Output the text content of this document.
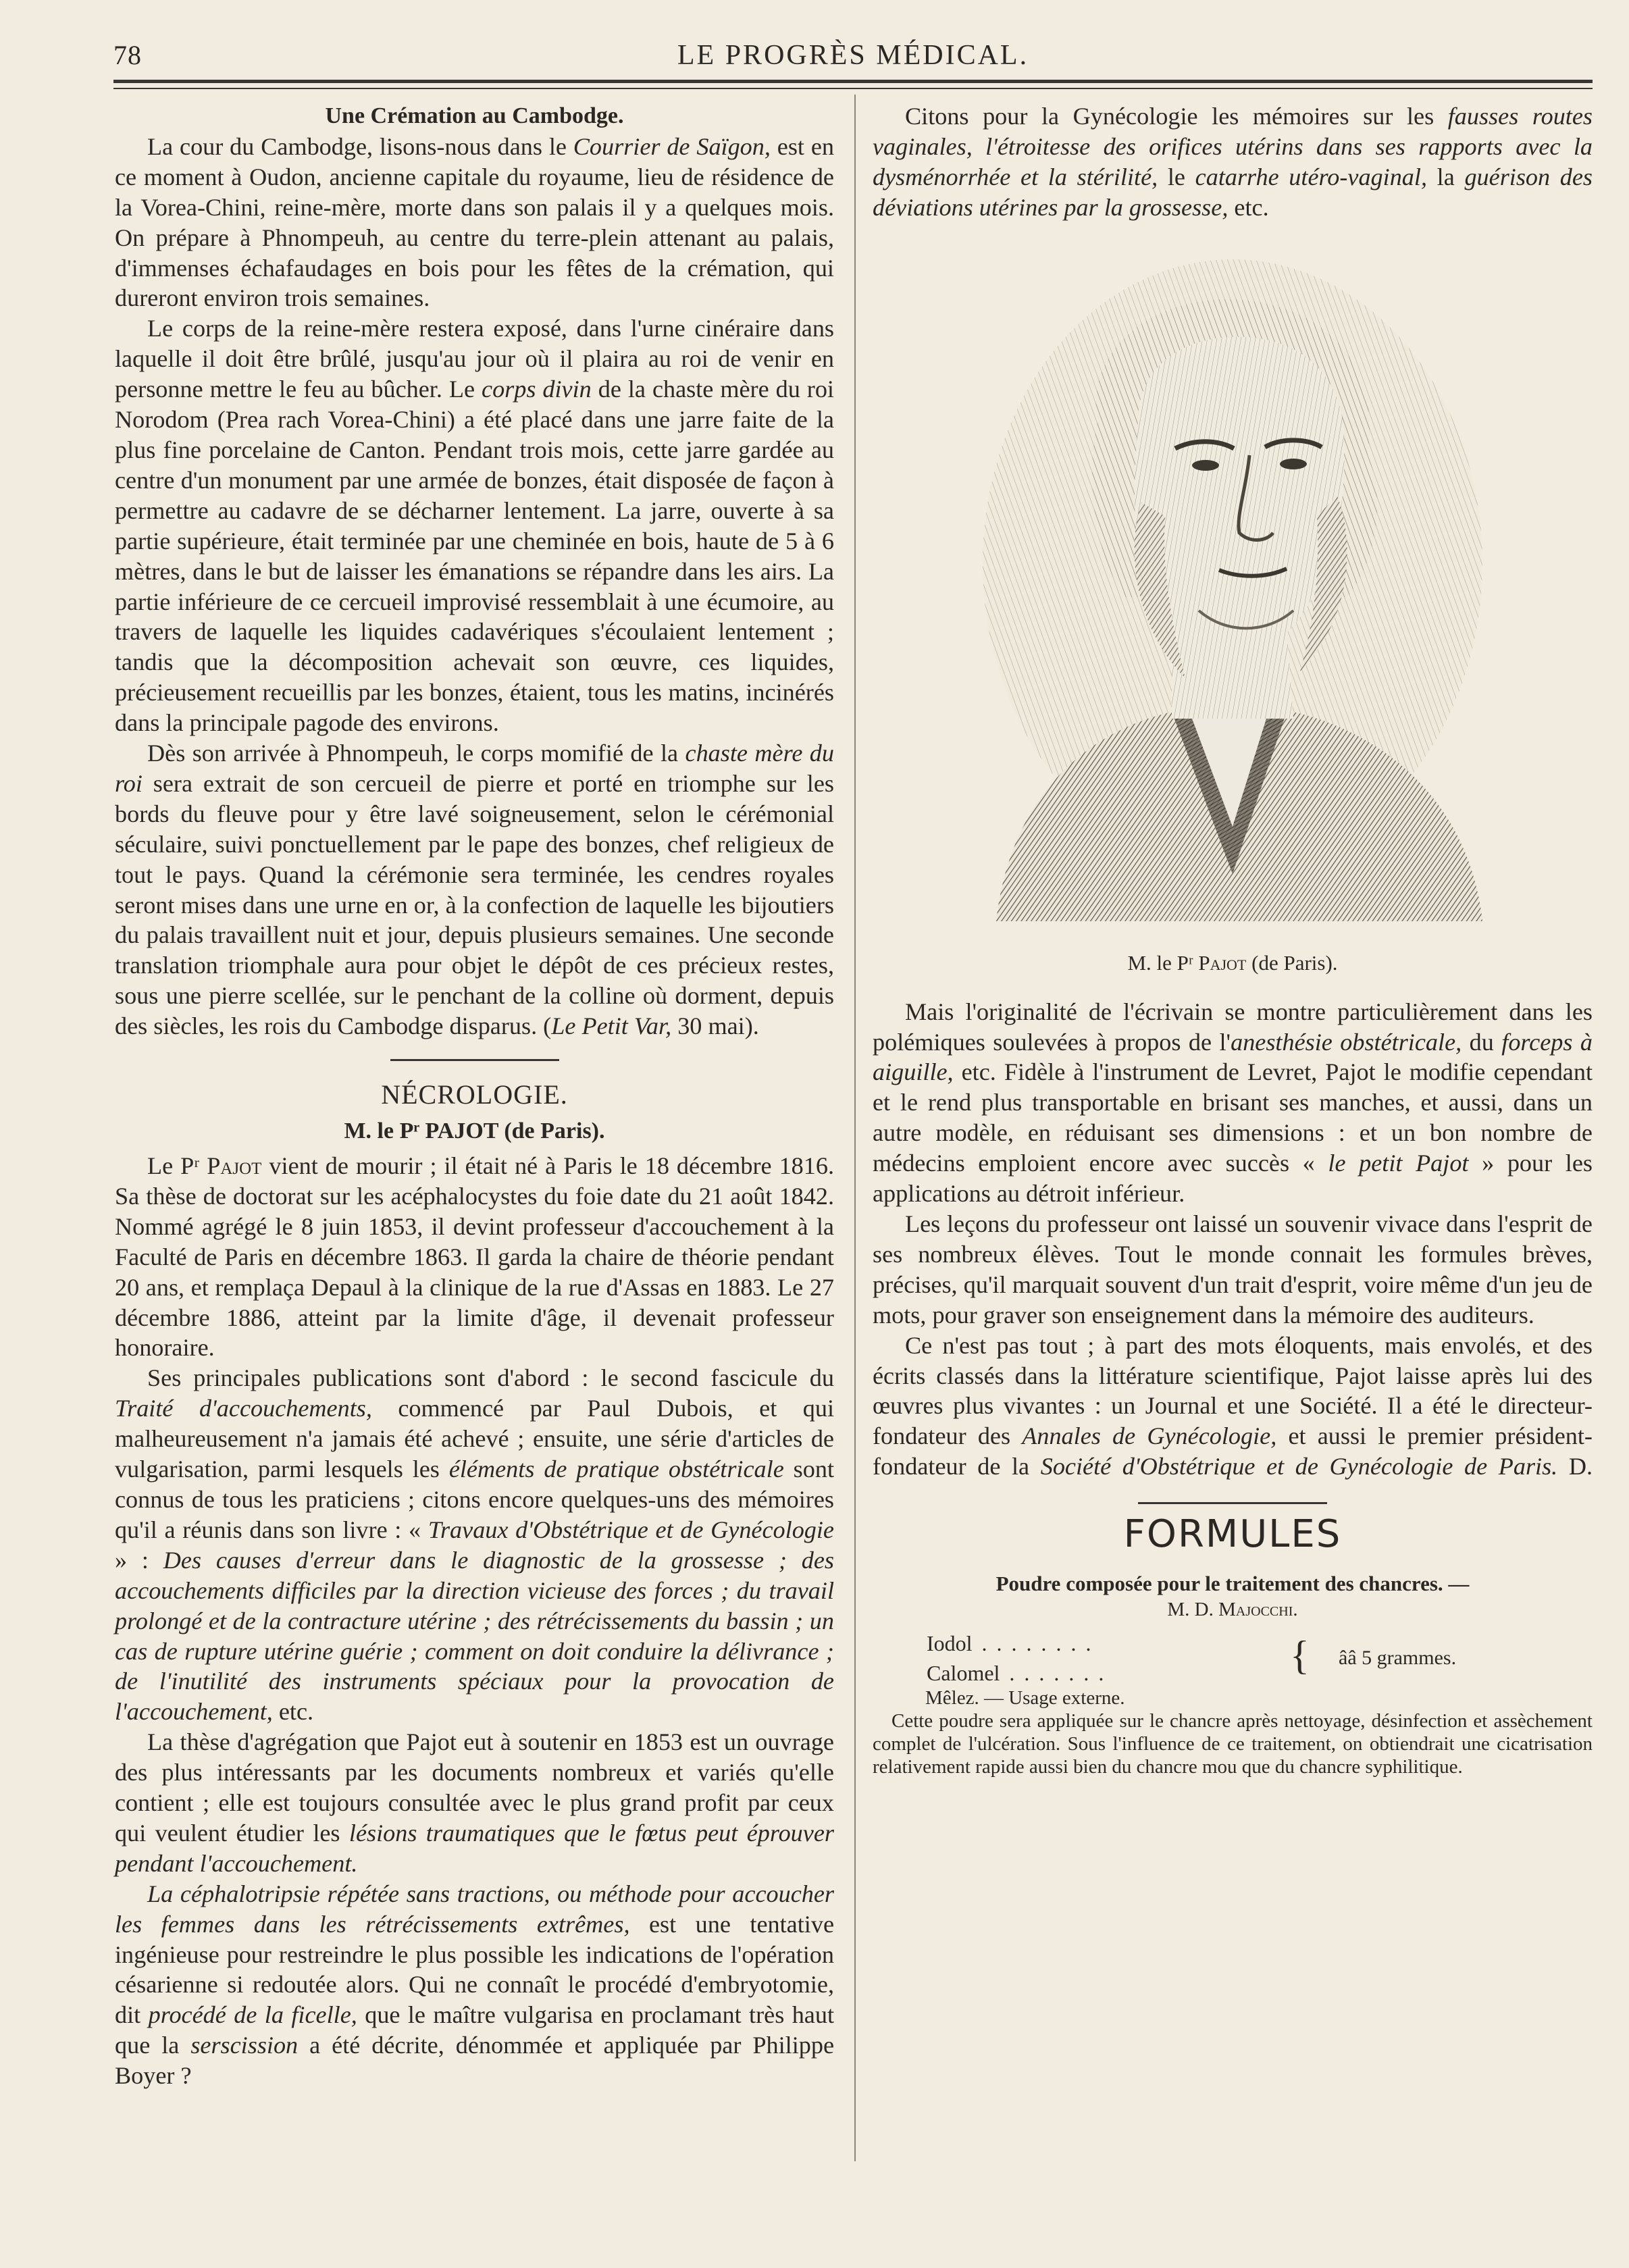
78	LE PROGRÈS MÉDICAL.
Une Crémation au Cambodge.

La cour du Cambodge, lisons-nous dans le Courrier de Saïgon, est en ce moment à Oudon, ancienne capitale du royaume, lieu de résidence de la Vorea-Chini, reine-mère, morte dans son palais il y a quelques mois. On prépare à Phnompeuh, au centre du terre-plein attenant au palais, d'immenses échafaudages en bois pour les fêtes de la crémation, qui dureront environ trois semaines.

Le corps de la reine-mère restera exposé, dans l'urne cinéraire dans laquelle il doit être brûlé, jusqu'au jour où il plaira au roi de venir en personne mettre le feu au bûcher. Le corps divin de la chaste mère du roi Norodom (Prea rach Vorea-Chini) a été placé dans une jarre faite de la plus fine porcelaine de Canton. Pendant trois mois, cette jarre gardée au centre d'un monument par une armée de bonzes, était disposée de façon à permettre au cadavre de se décharner lentement. La jarre, ouverte à sa partie supérieure, était terminée par une cheminée en bois, haute de 5 à 6 mètres, dans le but de laisser les émanations se répandre dans les airs. La partie inférieure de ce cercueil improvisé ressemblait à une écumoire, au travers de laquelle les liquides cadavériques s'écoulaient lentement ; tandis que la décomposition achevait son œuvre, ces liquides, précieusement recueillis par les bonzes, étaient, tous les matins, incinérés dans la principale pagode des environs.

Dès son arrivée à Phnompeuh, le corps momifié de la chaste mère du roi sera extrait de son cercueil de pierre et porté en triomphe sur les bords du fleuve pour y être lavé soigneusement, selon le cérémonial séculaire, suivi ponctuellement par le pape des bonzes, chef religieux de tout le pays. Quand la cérémonie sera terminée, les cendres royales seront mises dans une urne en or, à la confection de laquelle les bijoutiers du palais travaillent nuit et jour, depuis plusieurs semaines. Une seconde translation triomphale aura pour objet le dépôt de ces précieux restes, sous une pierre scellée, sur le penchant de la colline où dorment, depuis des siècles, les rois du Cambodge disparus. (Le Petit Var, 30 mai).

NÉCROLOGIE.
M. le Pʳ PAJOT (de Paris).

Le Pʳ Pajot vient de mourir ; il était né à Paris le 18 décembre 1816. Sa thèse de doctorat sur les acéphalocystes du foie date du 21 août 1842. Nommé agrégé le 8 juin 1853, il devint professeur d'accouchement à la Faculté de Paris en décembre 1863. Il garda la chaire de théorie pendant 20 ans, et remplaça Depaul à la clinique de la rue d'Assas en 1883. Le 27 décembre 1886, atteint par la limite d'âge, il devenait professeur honoraire.

Ses principales publications sont d'abord : le second fascicule du Traité d'accouchements, commencé par Paul Dubois, et qui malheureusement n'a jamais été achevé ; ensuite, une série d'articles de vulgarisation, parmi lesquels les éléments de pratique obstétricale sont connus de tous les praticiens ; citons encore quelques-uns des mémoires qu'il a réunis dans son livre : « Travaux d'Obstétrique et de Gynécologie » : Des causes d'erreur dans le diagnostic de la grossesse ; des accouchements difficiles par la direction vicieuse des forces ; du travail prolongé et de la contracture utérine ; des rétrécissements du bassin ; un cas de rupture utérine guérie ; comment on doit conduire la délivrance ; de l'inutilité des instruments spéciaux pour la provocation de l'accouchement, etc.

La thèse d'agrégation que Pajot eut à soutenir en 1853 est un ouvrage des plus intéressants par les documents nombreux et variés qu'elle contient ; elle est toujours consultée avec le plus grand profit par ceux qui veulent étudier les lésions traumatiques que le fœtus peut éprouver pendant l'accouchement.

La céphalotripsie répétée sans tractions, ou méthode pour accoucher les femmes dans les rétrécissements extrêmes, est une tentative ingénieuse pour restreindre le plus possible les indications de l'opération césarienne si redoutée alors. Qui ne connaît le procédé d'embryotomie, dit procédé de la ficelle, que le maître vulgarisa en proclamant très haut que la serscission a été décrite, dénommée et appliquée par Philippe Boyer ?

Citons pour la Gynécologie les mémoires sur les fausses routes vaginales, l'étroitesse des orifices utérins dans ses rapports avec la dysménorrhée et la stérilité, le catarrhe utéro-vaginal, la guérison des déviations utérines par la grossesse, etc.

M. le Pʳ Pajot (de Paris).

Mais l'originalité de l'écrivain se montre particulièrement dans les polémiques soulevées à propos de l'anesthésie obstétricale, du forceps à aiguille, etc. Fidèle à l'instrument de Levret, Pajot le modifie cependant et le rend plus transportable en brisant ses manches, et aussi, dans un autre modèle, en réduisant ses dimensions : et un bon nombre de médecins emploient encore avec succès « le petit Pajot » pour les applications au détroit inférieur.

Les leçons du professeur ont laissé un souvenir vivace dans l'esprit de ses nombreux élèves. Tout le monde connait les formules brèves, précises, qu'il marquait souvent d'un trait d'esprit, voire même d'un jeu de mots, pour graver son enseignement dans la mémoire des auditeurs.

Ce n'est pas tout ; à part des mots éloquents, mais envolés, et des écrits classés dans la littérature scientifique, Pajot laisse après lui des œuvres plus vivantes : un Journal et une Société. Il a été le directeur-fondateur des Annales de Gynécologie, et aussi le premier président-fondateur de la Société d'Obstétrique et de Gynécologie de Paris. D.

FORMULES
Poudre composée pour le traitement des chancres. —
M. D. Majocchi.
Iodol ........
Calomel .......	{ ââ 5 grammes.

Mêlez. — Usage externe.

Cette poudre sera appliquée sur le chancre après nettoyage, désinfection et assèchement complet de l'ulcération. Sous l'influence de ce traitement, on obtiendrait une cicatrisation relativement rapide aussi bien du chancre mou que du chancre syphilitique.
